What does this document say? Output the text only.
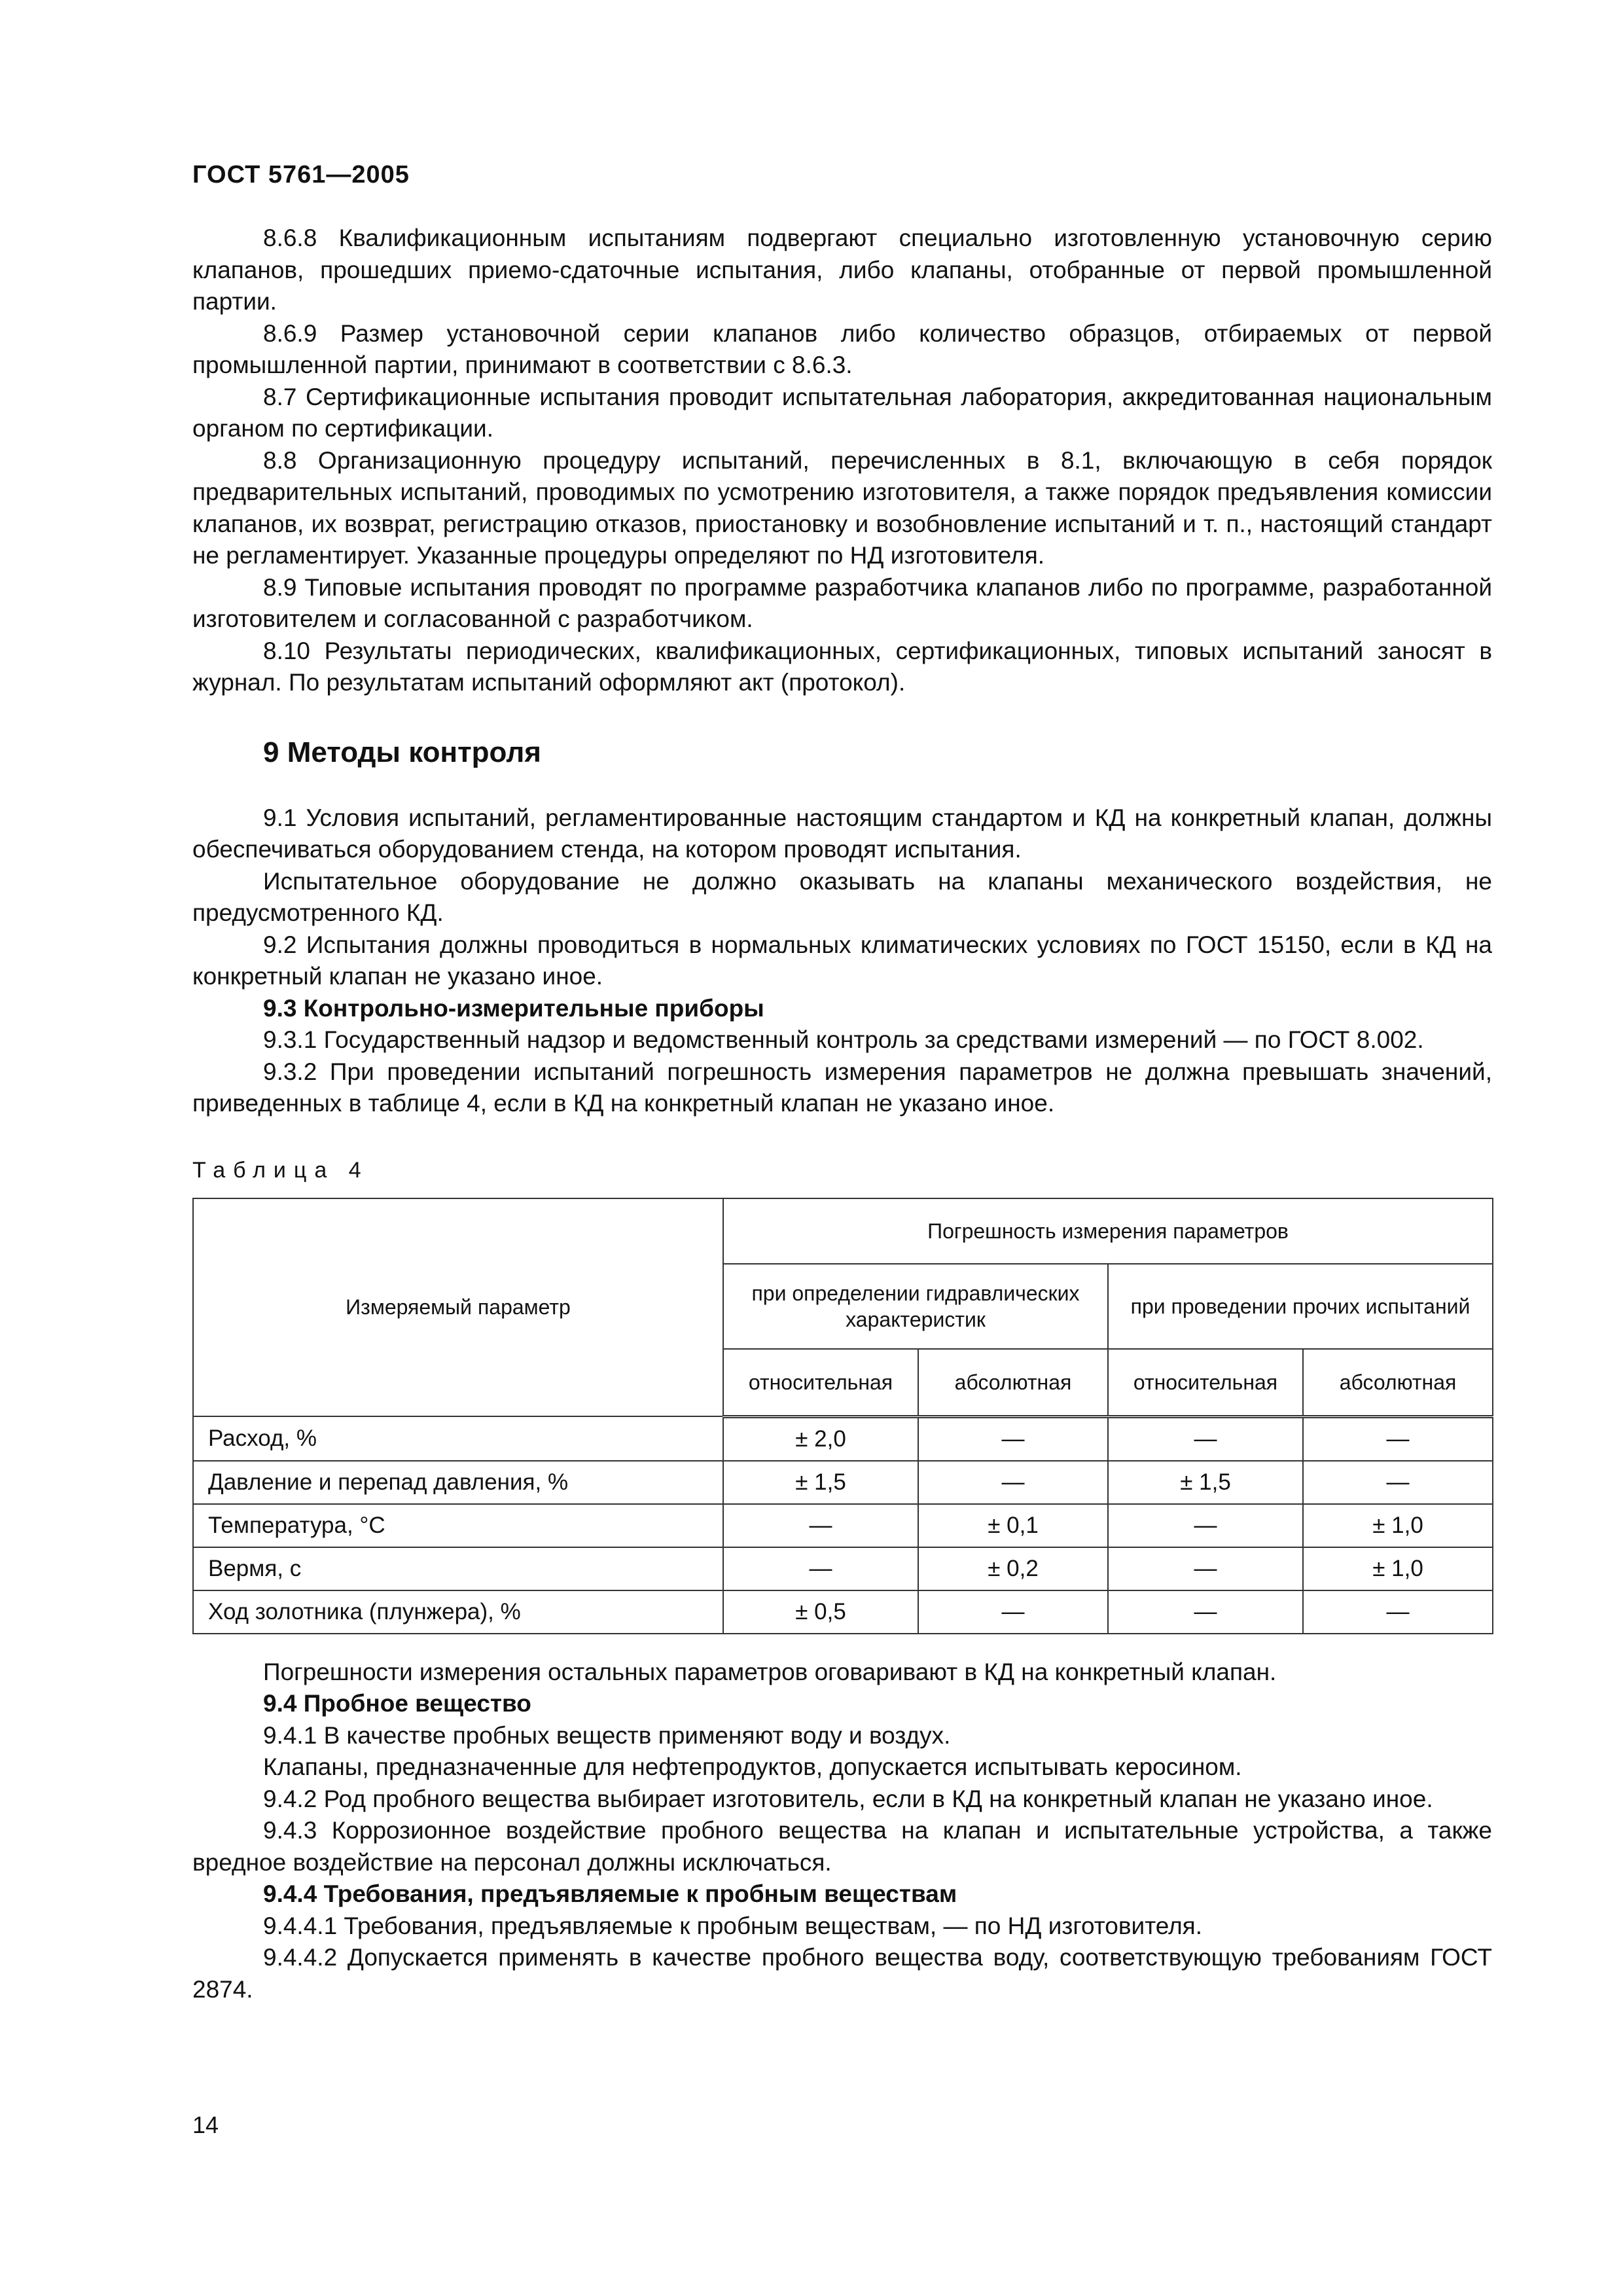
ГОСТ 5761—2005

8.6.8 Квалификационным испытаниям подвергают специально изготовленную установочную серию клапанов, прошедших приемо-сдаточные испытания, либо клапаны, отобранные от первой промышленной партии.

8.6.9 Размер установочной серии клапанов либо количество образцов, отбираемых от первой промышленной партии, принимают в соответствии с 8.6.3.

8.7 Сертификационные испытания проводит испытательная лаборатория, аккредитованная национальным органом по сертификации.

8.8 Организационную процедуру испытаний, перечисленных в 8.1, включающую в себя порядок предварительных испытаний, проводимых по усмотрению изготовителя, а также порядок предъявления комиссии клапанов, их возврат, регистрацию отказов, приостановку и возобновление испытаний и т. п., настоящий стандарт не регламентирует. Указанные процедуры определяют по НД изготовителя.

8.9 Типовые испытания проводят по программе разработчика клапанов либо по программе, разработанной изготовителем и согласованной с разработчиком.

8.10 Результаты периодических, квалификационных, сертификационных, типовых испытаний заносят в журнал. По результатам испытаний оформляют акт (протокол).

9 Методы контроля

9.1 Условия испытаний, регламентированные настоящим стандартом и КД на конкретный клапан, должны обеспечиваться оборудованием стенда, на котором проводят испытания.

Испытательное оборудование не должно оказывать на клапаны механического воздействия, не предусмотренного КД.

9.2 Испытания должны проводиться в нормальных климатических условиях по ГОСТ 15150, если в КД на конкретный клапан не указано иное.

9.3 Контрольно-измерительные приборы

9.3.1 Государственный надзор и ведомственный контроль за средствами измерений — по ГОСТ 8.002.

9.3.2 При проведении испытаний погрешность измерения параметров не должна превышать значений, приведенных в таблице 4, если в КД на конкретный клапан не указано иное.

Таблица 4
Измеряемый параметр	Погрешность измерения параметров			
	при определении гидравлических характеристик		при проведении прочих испытаний	
	относительная	абсолютная	относительная	абсолютная
Расход, %	± 2,0	—	—	—
Давление и перепад давления, %	± 1,5	—	± 1,5	—
Температура, °С	—	± 0,1	—	± 1,0
Вермя, с	—	± 0,2	—	± 1,0
Ход золотника (плунжера), %	± 0,5	—	—	—

Погрешности измерения остальных параметров оговаривают в КД на конкретный клапан.

9.4 Пробное вещество

9.4.1 В качестве пробных веществ применяют воду и воздух.

Клапаны, предназначенные для нефтепродуктов, допускается испытывать керосином.

9.4.2 Род пробного вещества выбирает изготовитель, если в КД на конкретный клапан не указано иное.

9.4.3 Коррозионное воздействие пробного вещества на клапан и испытательные устройства, а также вредное воздействие на персонал должны исключаться.

9.4.4 Требования, предъявляемые к пробным веществам

9.4.4.1 Требования, предъявляемые к пробным веществам, — по НД изготовителя.

9.4.4.2 Допускается применять в качестве пробного вещества воду, соответствующую требованиям ГОСТ 2874.

14
